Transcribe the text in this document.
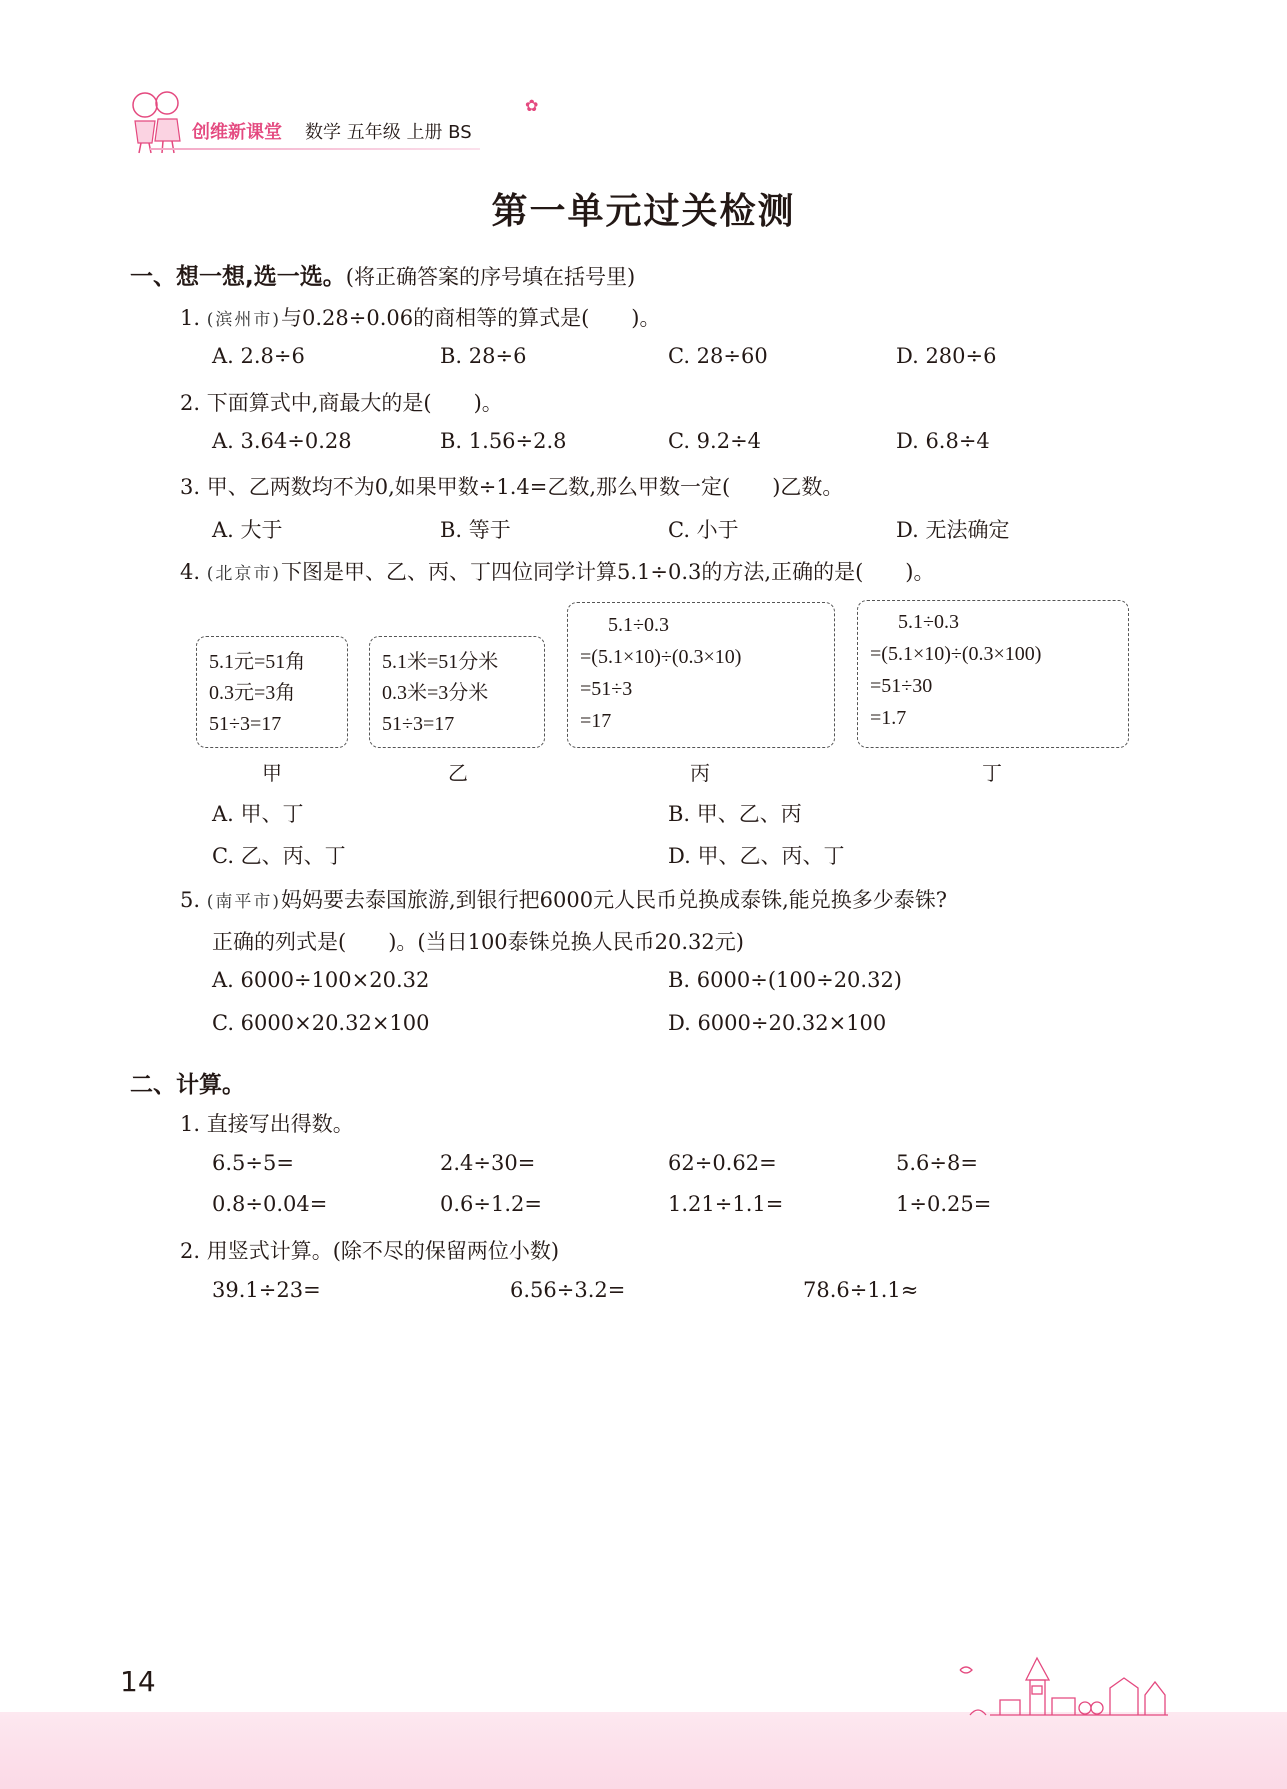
创维新课堂 数学 五年级 上册 BS
✿
第一单元过关检测
一、想一想,选一选。(将正确答案的序号填在括号里)
1. (滨州市)与0.28÷0.06的商相等的算式是(　　)。
A. 2.8÷6	B. 28÷6	C. 28÷60	D. 280÷6
2. 下面算式中,商最大的是(　　)。
A. 3.64÷0.28	B. 1.56÷2.8	C. 9.2÷4	D. 6.8÷4
3. 甲、乙两数均不为0,如果甲数÷1.4=乙数,那么甲数一定(　　)乙数。
A. 大于	B. 等于	C. 小于	D. 无法确定
4. (北京市)下图是甲、乙、丙、丁四位同学计算5.1÷0.3的方法,正确的是(　　)。
5.1元=51角
0.3元=3角
51÷3=17
5.1米=51分米
0.3米=3分米
51÷3=17
5.1÷0.3
=(5.1×10)÷(0.3×10)
=51÷3
=17
5.1÷0.3
=(5.1×10)÷(0.3×100)
=51÷30
=1.7
甲	乙	丙	丁
A. 甲、丁	B. 甲、乙、丙
C. 乙、丙、丁	D. 甲、乙、丙、丁
5. (南平市)妈妈要去泰国旅游,到银行把6000元人民币兑换成泰铢,能兑换多少泰铢?
正确的列式是(　　)。(当日100泰铢兑换人民币20.32元)
A. 6000÷100×20.32	B. 6000÷(100÷20.32)
C. 6000×20.32×100	D. 6000÷20.32×100
二、计算。
1. 直接写出得数。
6.5÷5=	2.4÷30=	62÷0.62=	5.6÷8=
0.8÷0.04=	0.6÷1.2=	1.21÷1.1=	1÷0.25=
2. 用竖式计算。(除不尽的保留两位小数)
39.1÷23=	6.56÷3.2=	78.6÷1.1≈
14
